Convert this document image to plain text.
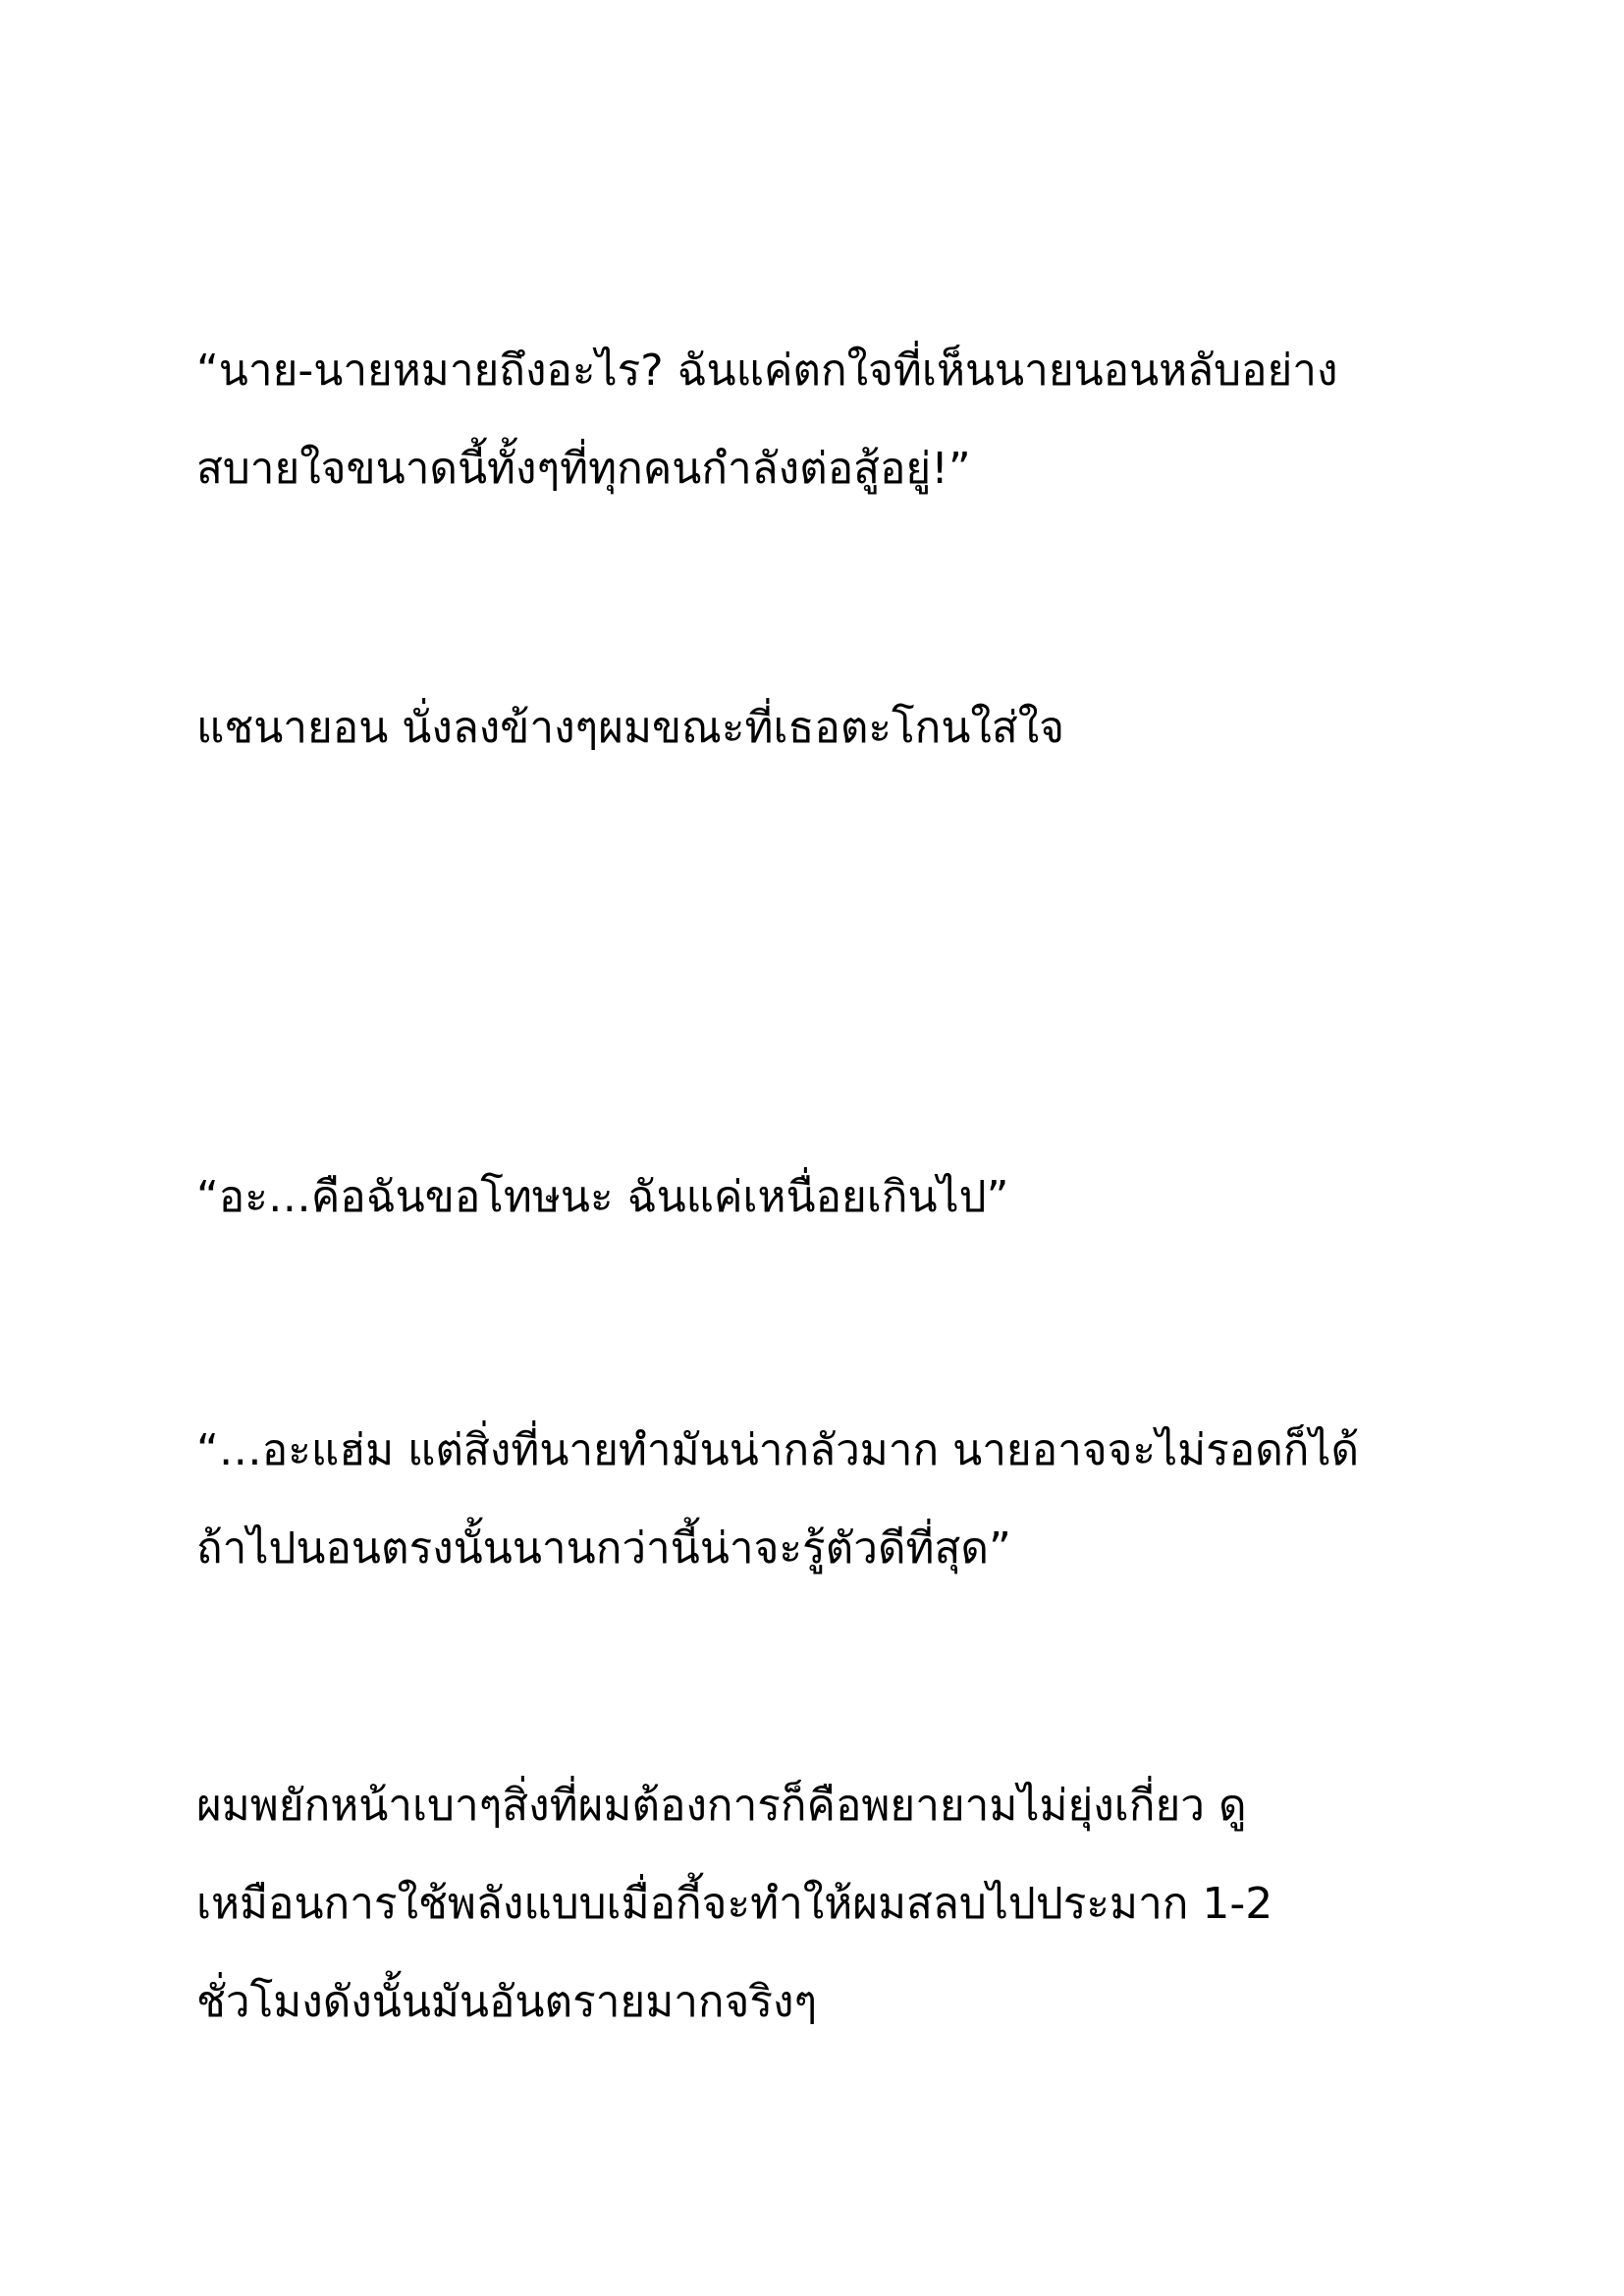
“นาย-นายหมายถึงอะไร? ฉันแค่ตกใจที่เห็นนายนอนหลับอย่าง
สบายใจขนาดนี้ทั้งๆที่ทุกคนกำลังต่อสู้อยู่!”

แชนายอน นั่งลงข้างๆผมขณะที่เธอตะโกนใส่ใจ

“อะ…คือฉันขอโทษนะ ฉันแค่เหนื่อยเกินไป”

“…อะแฮ่ม แต่สิ่งที่นายทำมันน่ากลัวมาก นายอาจจะไม่รอดก็ได้
ถ้าไปนอนตรงนั้นนานกว่านี้น่าจะรู้ตัวดีที่สุด”

ผมพยักหน้าเบาๆสิ่งที่ผมต้องการก็คือพยายามไม่ยุ่งเกี่ยว ดู
เหมือนการใช้พลังแบบเมื่อกี้จะทำให้ผมสลบไปประมาก 1-2
ชั่วโมงดังนั้นมันอันตรายมากจริงๆ
